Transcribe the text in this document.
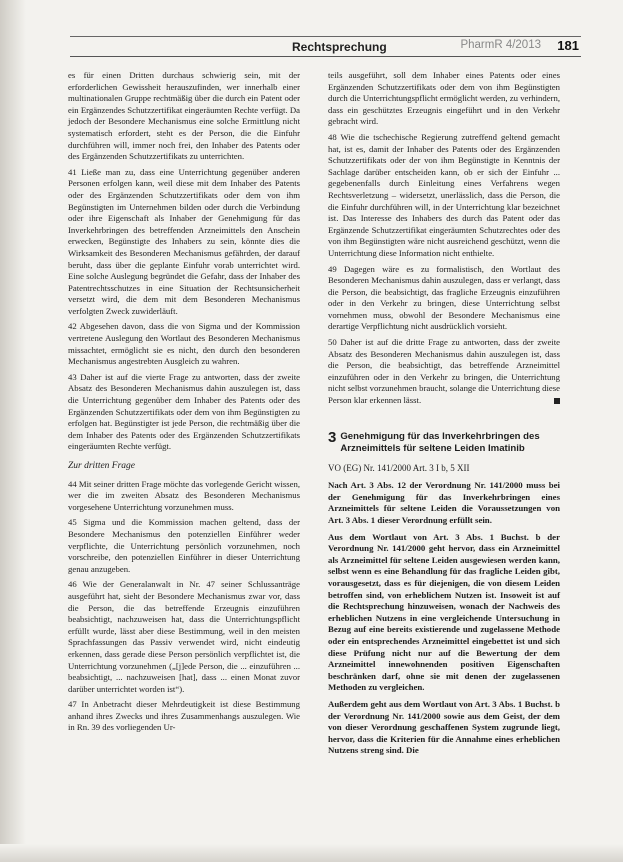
Rechtsprechung	PharmR 4/2013 181

es für einen Dritten durchaus schwierig sein, mit der erforderlichen Gewissheit herauszufinden, wer innerhalb einer multinationalen Gruppe rechtmäßig über die durch ein Patent oder ein Ergänzendes Schutzzertifikat eingeräumten Rechte verfügt. Da jedoch der Besondere Mechanismus eine solche Ermittlung nicht systematisch erfordert, steht es der Person, die die Einfuhr durchführen will, immer noch frei, den Inhaber des Patents oder des Ergänzenden Schutzzertifikats zu unterrichten.

41 Ließe man zu, dass eine Unterrichtung gegenüber anderen Personen erfolgen kann, weil diese mit dem Inhaber des Patents oder des Ergänzenden Schutzzertifikats oder dem von ihm Begünstigten im Unternehmen bilden oder durch die Verbindung oder ihre Eigenschaft als Inhaber der Genehmigung für das Inverkehrbringen des betreffenden Arzneimittels den Anschein erwecken, Begünstigte des Inhabers zu sein, könnte dies die Wirksamkeit des Besonderen Mechanismus gefährden, der darauf beruht, dass über die geplante Einfuhr vorab unterrichtet wird. Eine solche Auslegung begründet die Gefahr, dass der Inhaber des Patentrechtsschutzes in eine Situation der Rechtsunsicherheit versetzt wird, die dem mit dem Besonderen Mechanismus verfolgten Zweck zuwiderläuft.

42 Abgesehen davon, dass die von Sigma und der Kommission vertretene Auslegung den Wortlaut des Besonderen Mechanismus missachtet, ermöglicht sie es nicht, den durch den besonderen Mechanismus angestrebten Ausgleich zu wahren.

43 Daher ist auf die vierte Frage zu antworten, dass der zweite Absatz des Besonderen Mechanismus dahin auszulegen ist, dass die Unterrichtung gegenüber dem Inhaber des Patents oder des Ergänzenden Schutzzertifikats oder dem von ihm Begünstigten zu erfolgen hat. Begünstigter ist jede Person, die rechtmäßig über die dem Inhaber des Patents oder des Ergänzenden Schutzzertifikats eingeräumten Rechte verfügt.

Zur dritten Frage

44 Mit seiner dritten Frage möchte das vorlegende Gericht wissen, wer die im zweiten Absatz des Besonderen Mechanismus vorgesehene Unterrichtung vorzunehmen muss.

45 Sigma und die Kommission machen geltend, dass der Besondere Mechanismus den potenziellen Einführer weder verpflichte, die Unterrichtung persönlich vorzunehmen, noch vorschreibe, den potenziellen Einführer in dieser Unterrichtung genau anzugeben.

46 Wie der Generalanwalt in Nr. 47 seiner Schlussanträge ausgeführt hat, sieht der Besondere Mechanismus zwar vor, dass die Person, die das betreffende Erzeugnis einzuführen beabsichtigt, nachzuweisen hat, dass die Unterrichtungspflicht erfüllt wurde, lässt aber diese Bestimmung, weil in den meisten Sprachfassungen das Passiv verwendet wird, nicht eindeutig erkennen, dass gerade diese Person persönlich verpflichtet ist, die Unterrichtung vorzunehmen („[j]ede Person, die ... einzuführen ... beabsichtigt, ... nachzuweisen [hat], dass ... einen Monat zuvor darüber unterrichtet worden ist“).

47 In Anbetracht dieser Mehrdeutigkeit ist diese Bestimmung anhand ihres Zwecks und ihres Zusammenhangs auszulegen. Wie in Rn. 39 des vorliegenden Ur-

teils ausgeführt, soll dem Inhaber eines Patents oder eines Ergänzenden Schutzzertifikats oder dem von ihm Begünstigten durch die Unterrichtungspflicht ermöglicht werden, zu verhindern, dass ein geschütztes Erzeugnis eingeführt und in den Verkehr gebracht wird.

48 Wie die tschechische Regierung zutreffend geltend gemacht hat, ist es, damit der Inhaber des Patents oder des Ergänzenden Schutzzertifikats oder der von ihm Begünstigte in Kenntnis der Sachlage darüber entscheiden kann, ob er sich der Einfuhr ... gegebenenfalls durch Einleitung eines Verfahrens wegen Rechtsverletzung – widersetzt, unerlässlich, dass die Person, die die Einfuhr durchführen will, in der Unterrichtung klar bezeichnet ist. Das Interesse des Inhabers des durch das Patent oder das Ergänzende Schutzzertifikat eingeräumten Schutzrechtes oder des von ihm Begünstigten wäre nicht ausreichend geschützt, wenn die Unterrichtung diese Information nicht enthielte.

49 Dagegen wäre es zu formalistisch, den Wortlaut des Besonderen Mechanismus dahin auszulegen, dass er verlangt, dass die Person, die beabsichtigt, das fragliche Erzeugnis einzuführen oder in den Verkehr zu bringen, diese Unterrichtung selbst vornehmen muss, obwohl der Besondere Mechanismus eine derartige Verpflichtung nicht ausdrücklich vorsieht.

50 Daher ist auf die dritte Frage zu antworten, dass der zweite Absatz des Besonderen Mechanismus dahin auszulegen ist, dass die Person, die beabsichtigt, das betreffende Arzneimittel einzuführen oder in den Verkehr zu bringen, die Unterrichtung nicht selbst vorzunehmen braucht, solange die Unterrichtung diese Person klar erkennen lässt.

3 Genehmigung für das Inverkehrbringen des Arzneimittels für seltene Leiden Imatinib
VO (EG) Nr. 141/2000 Art. 3 I b, 5 XII

Nach Art. 3 Abs. 12 der Verordnung Nr. 141/2000 muss bei der Genehmigung für das Inverkehrbringen eines Arzneimittels für seltene Leiden die Voraussetzungen von Art. 3 Abs. 1 dieser Verordnung erfüllt sein.

Aus dem Wortlaut von Art. 3 Abs. 1 Buchst. b der Verordnung Nr. 141/2000 geht hervor, dass ein Arzneimittel als Arzneimittel für seltene Leiden ausgewiesen werden kann, selbst wenn es eine Behandlung für das fragliche Leiden gibt, vorausgesetzt, dass es für diejenigen, die von diesem Leiden betroffen sind, von erheblichem Nutzen ist. Insoweit ist auf die Rechtsprechung hinzuweisen, wonach der Nachweis des erheblichen Nutzens in eine vergleichende Untersuchung in Bezug auf eine bereits existierende und zugelassene Methode oder ein entsprechendes Arzneimittel eingebettet ist und sich diese Prüfung nicht nur auf die Bewertung der dem Arzneimittel innewohnenden positiven Eigenschaften beschränken darf, ohne sie mit denen der zugelassenen Methoden zu vergleichen.

Außerdem geht aus dem Wortlaut von Art. 3 Abs. 1 Buchst. b der Verordnung Nr. 141/2000 sowie aus dem Geist, der dem von dieser Verordnung geschaffenen System zugrunde liegt, hervor, dass die Kriterien für die Annahme eines erheblichen Nutzens streng sind. Die
